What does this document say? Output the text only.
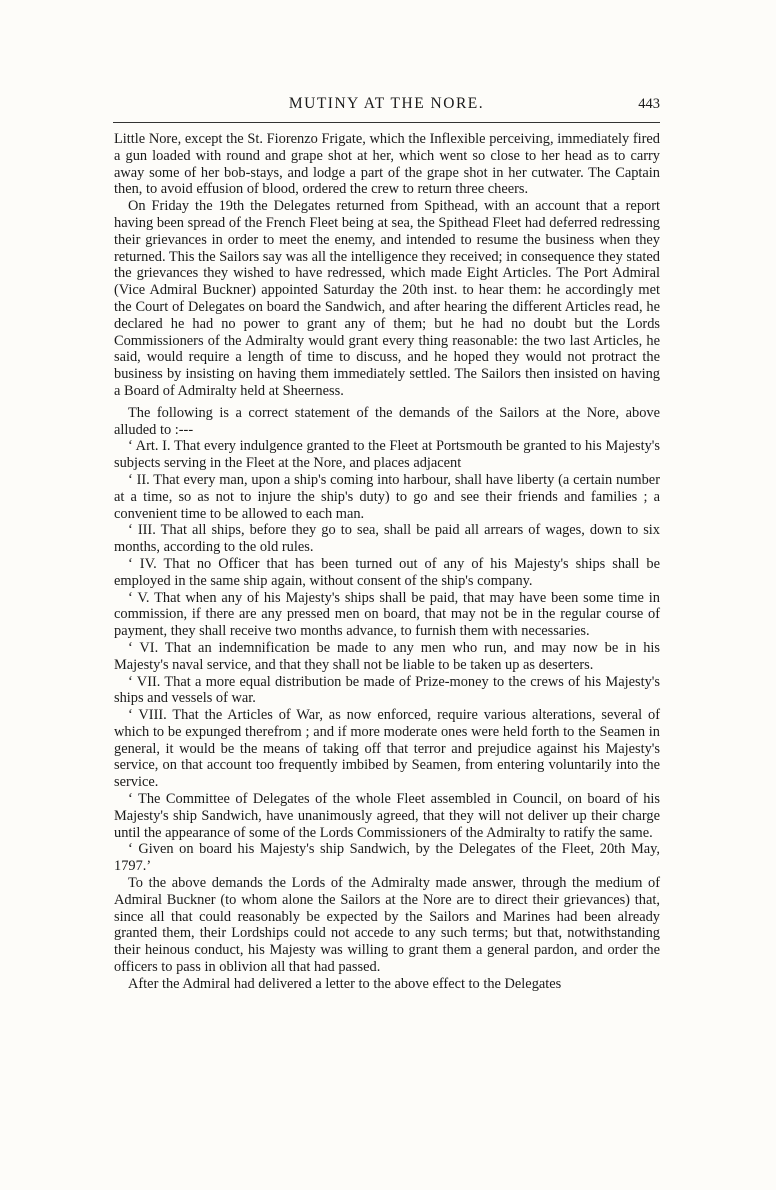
MUTINY AT THE NORE.	443

Little Nore, except the St. Fiorenzo Frigate, which the Inflexible perceiving, immediately fired a gun loaded with round and grape shot at her, which went so close to her head as to carry away some of her bob-stays, and lodge a part of the grape shot in her cutwater. The Captain then, to avoid effusion of blood, ordered the crew to return three cheers.

On Friday the 19th the Delegates returned from Spithead, with an account that a report having been spread of the French Fleet being at sea, the Spithead Fleet had deferred redressing their grievances in order to meet the enemy, and intended to resume the business when they returned. This the Sailors say was all the intelligence they received; in consequence they stated the grievances they wished to have redressed, which made Eight Articles. The Port Admiral (Vice Admiral Buckner) appointed Saturday the 20th inst. to hear them: he accordingly met the Court of Delegates on board the Sandwich, and after hearing the different Articles read, he declared he had no power to grant any of them; but he had no doubt but the Lords Commissioners of the Admiralty would grant every thing reasonable: the two last Articles, he said, would require a length of time to discuss, and he hoped they would not protract the business by insisting on having them immediately settled. The Sailors then insisted on having a Board of Admiralty held at Sheerness.

The following is a correct statement of the demands of the Sailors at the Nore, above alluded to :---

‘ Art. I. That every indulgence granted to the Fleet at Portsmouth be granted to his Majesty's subjects serving in the Fleet at the Nore, and places adjacent

‘ II. That every man, upon a ship's coming into harbour, shall have liberty (a certain number at a time, so as not to injure the ship's duty) to go and see their friends and families ; a convenient time to be allowed to each man.

‘ III. That all ships, before they go to sea, shall be paid all arrears of wages, down to six months, according to the old rules.

‘ IV. That no Officer that has been turned out of any of his Majesty's ships shall be employed in the same ship again, without consent of the ship's company.

‘ V. That when any of his Majesty's ships shall be paid, that may have been some time in commission, if there are any pressed men on board, that may not be in the regular course of payment, they shall receive two months advance, to furnish them with necessaries.

‘ VI. That an indemnification be made to any men who run, and may now be in his Majesty's naval service, and that they shall not be liable to be taken up as deserters.

‘ VII. That a more equal distribution be made of Prize-money to the crews of his Majesty's ships and vessels of war.

‘ VIII. That the Articles of War, as now enforced, require various alterations, several of which to be expunged therefrom ; and if more moderate ones were held forth to the Seamen in general, it would be the means of taking off that terror and prejudice against his Majesty's service, on that account too frequently imbibed by Seamen, from entering voluntarily into the service.

‘ The Committee of Delegates of the whole Fleet assembled in Council, on board of his Majesty's ship Sandwich, have unanimously agreed, that they will not deliver up their charge until the appearance of some of the Lords Commissioners of the Admiralty to ratify the same.

‘ Given on board his Majesty's ship Sandwich, by the Delegates of the Fleet, 20th May, 1797.’

To the above demands the Lords of the Admiralty made answer, through the medium of Admiral Buckner (to whom alone the Sailors at the Nore are to direct their grievances) that, since all that could reasonably be expected by the Sailors and Marines had been already granted them, their Lordships could not accede to any such terms; but that, notwithstanding their heinous conduct, his Majesty was willing to grant them a general pardon, and order the officers to pass in oblivion all that had passed.

After the Admiral had delivered a letter to the above effect to the Delegates
